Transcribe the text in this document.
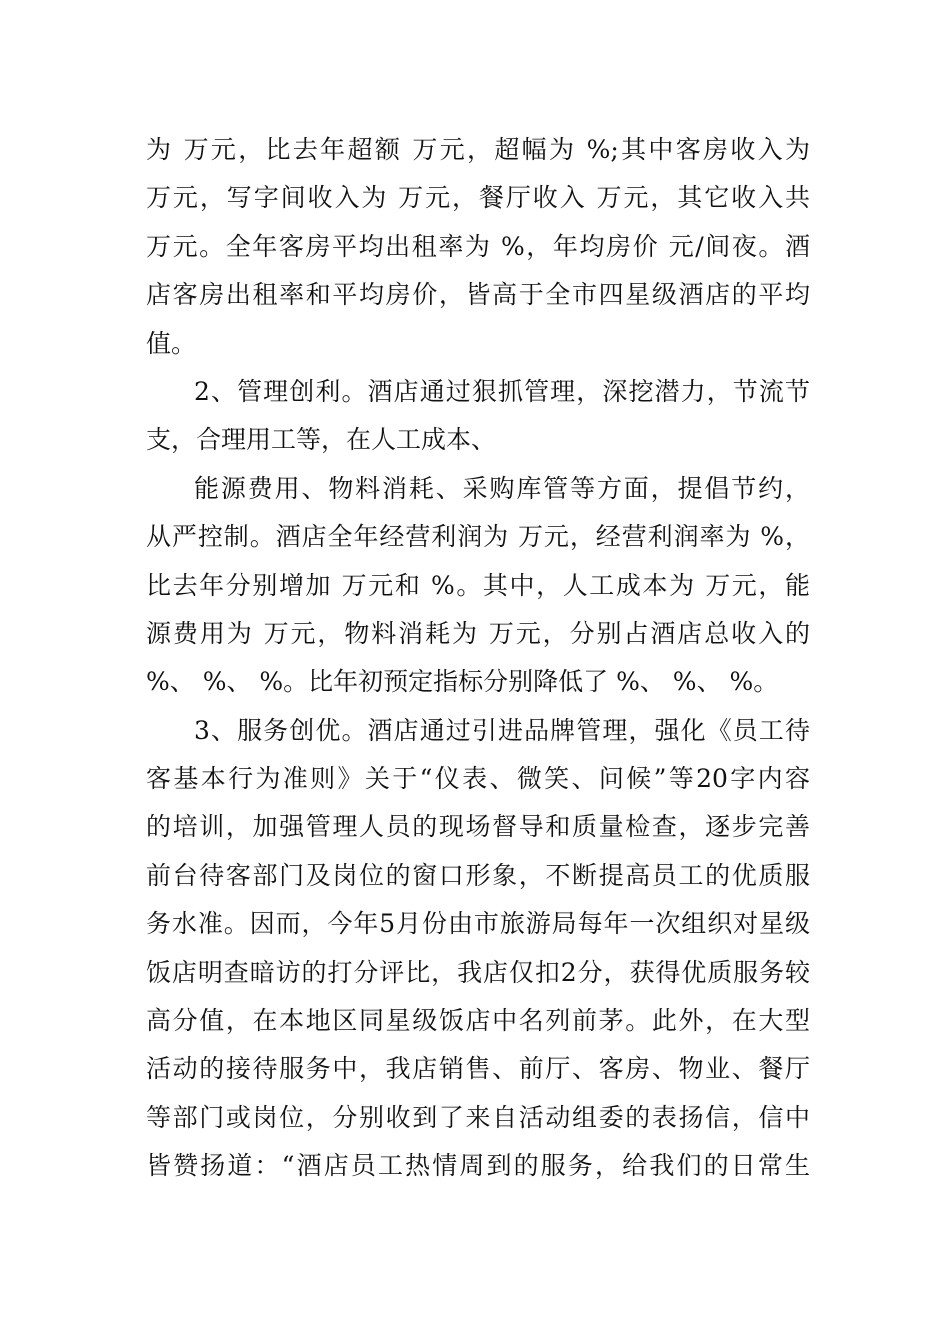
为 万元，比去年超额 万元，超幅为 %;其中客房收入为
万元，写字间收入为 万元，餐厅收入 万元，其它收入共
万元。全年客房平均出租率为 %，年均房价 元/间夜。酒
店客房出租率和平均房价，皆高于全市四星级酒店的平均
值。
2、管理创利。酒店通过狠抓管理，深挖潜力，节流节
支，合理用工等，在人工成本、
能源费用、物料消耗、采购库管等方面，提倡节约，
从严控制。酒店全年经营利润为 万元，经营利润率为 %，
比去年分别增加 万元和 %。其中，人工成本为 万元，能
源费用为 万元，物料消耗为 万元，分别占酒店总收入的
%、 %、 %。比年初预定指标分别降低了 %、 %、 %。
3、服务创优。酒店通过引进品牌管理，强化《员工待
客基本行为准则》关于“仪表、微笑、问候”等20字内容
的培训，加强管理人员的现场督导和质量检查，逐步完善
前台待客部门及岗位的窗口形象，不断提高员工的优质服
务水准。因而，今年5月份由市旅游局每年一次组织对星级
饭店明查暗访的打分评比，我店仅扣2分，获得优质服务较
高分值，在本地区同星级饭店中名列前茅。此外，在大型
活动的接待服务中，我店销售、前厅、客房、物业、餐厅
等部门或岗位，分别收到了来自活动组委的表扬信，信中
皆赞扬道：“酒店员工热情周到的服务，给我们的日常生
